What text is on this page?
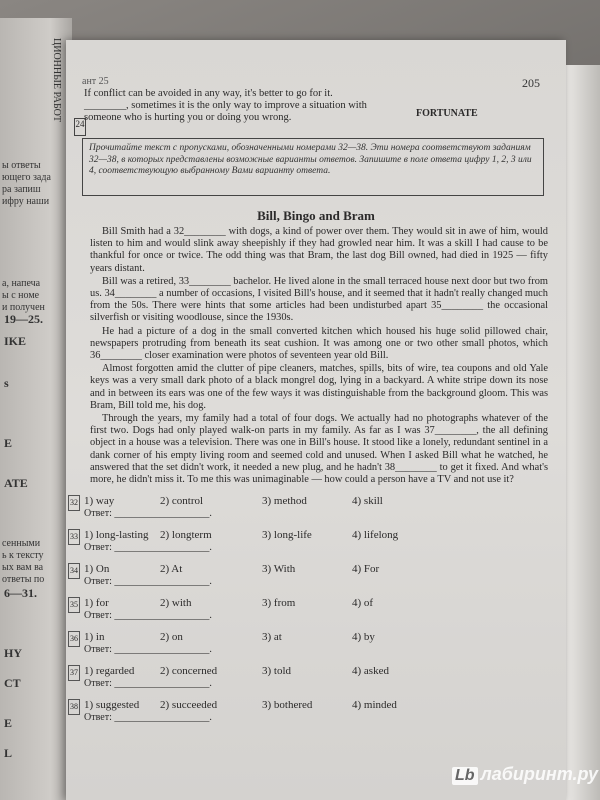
ЦИОННЫЕ РАБОТ
ы ответы
ющего зада
ра запиш
ифру наши
а, напеча
ы с номе
и получен
19—25.
IKE
s
E
ATE
сенными
ь к тексту
ых вам ва
ответы по
6—31.
HY
CT
E
L
ант 25	205
24
If conflict can be avoided in any way, it's better to go for it.
________, sometimes it is the only way to improve a situation with
someone who is hurting you or doing you wrong.	FORTUNATE
Прочитайте текст с пропусками, обозначенными номерами 32—38. Эти номера соответствуют заданиям 32—38, в которых представлены возможные варианты ответов. Запишите в поле ответа цифру 1, 2, 3 или 4, соответствующую выбранному Вами варианту ответа.
Bill, Bingo and Bram

Bill Smith had a 32________ with dogs, a kind of power over them. They would sit in awe of him, would listen to him and would slink away sheepishly if they had growled near him. It was a skill I had cause to be thankful for once or twice. The odd thing was that Bram, the last dog Bill owned, had died in 1925 — fifty years distant.

Bill was a retired, 33________ bachelor. He lived alone in the small terraced house next door but two from us. 34________ a number of occasions, I visited Bill's house, and it seemed that it hadn't really changed much from the 50s. There were hints that some articles had been undisturbed apart 35________ the occasional silverfish or visiting woodlouse, since the 1930s.

He had a picture of a dog in the small converted kitchen which housed his huge solid pillowed chair, newspapers protruding from beneath its seat cushion. It was among one or two other small photos, which 36________ closer examination were photos of seventeen year old Bill.

Almost forgotten amid the clutter of pipe cleaners, matches, spills, bits of wire, tea coupons and old Yale keys was a very small dark photo of a black mongrel dog, lying in a backyard. A white stripe down its nose and in between its ears was one of the few ways it was distinguishable from the background gloom. This was Bram, Bill told me, his dog.

Through the years, my family had a total of four dogs. We actually had no photographs whatever of the first two. Dogs had only played walk-on parts in my family. As far as I was 37________, the all defining object in a house was a television. There was one in Bill's house. It stood like a lonely, redundant sentinel in a dank corner of his empty living room and seemed cold and unused. When I asked Bill what he watched, he answered that the set didn't work, it needed a new plug, and he hadn't 38________ to get it fixed. And what's more, he didn't miss it. To me this was unimaginable — how could a person have a TV and not use it?

32 1) way	2) control	3) method	4) skill
Ответ: ___________________.
33 1) long-lasting 2) longterm	3) long-life	4) lifelong
Ответ: ___________________.
34 1) On	2) At	3) With	4) For
Ответ: ___________________.
35 1) for	2) with	3) from	4) of
Ответ: ___________________.
36 1) in	2) on	3) at	4) by
Ответ: ___________________.
37 1) regarded 2) concerned	3) told	4) asked
Ответ: ___________________.
38 1) suggested 2) succeeded	3) bothered	4) minded
Ответ: ___________________.
Lb лабиринт.ру
